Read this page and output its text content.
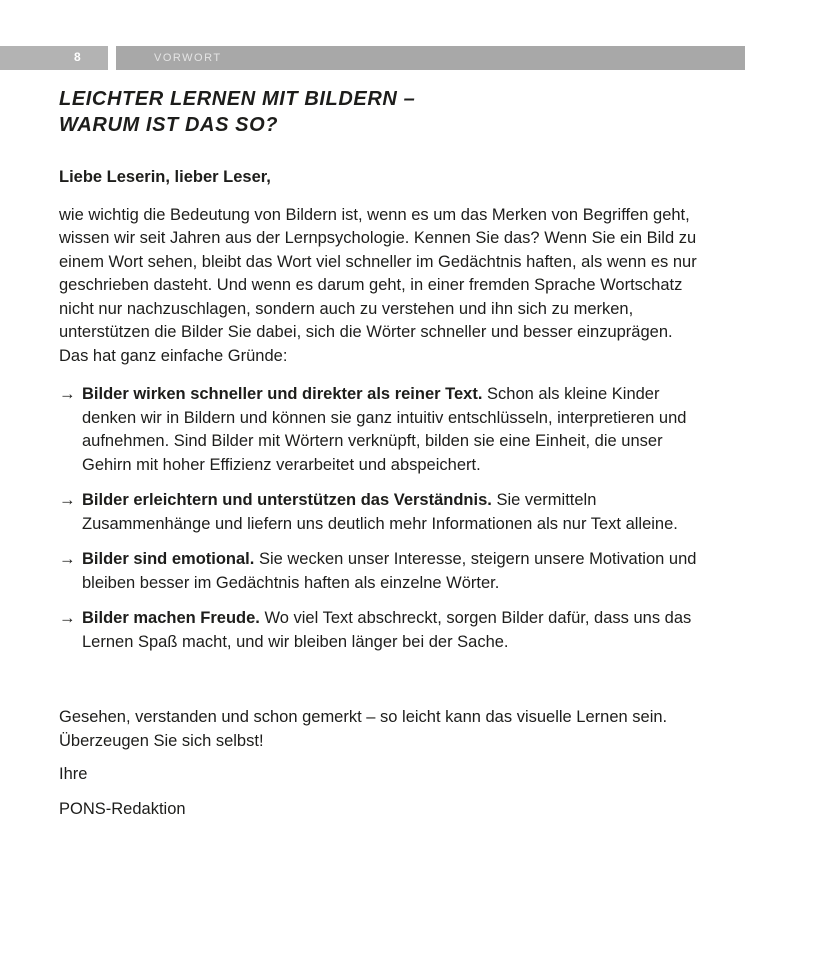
8	VORWORT
LEICHTER LERNEN MIT BILDERN –
WARUM IST DAS SO?

Liebe Leserin, lieber Leser,

wie wichtig die Bedeutung von Bildern ist, wenn es um das Merken von Begriffen geht, wissen wir seit Jahren aus der Lernpsychologie. Kennen Sie das? Wenn Sie ein Bild zu einem Wort sehen, bleibt das Wort viel schneller im Gedächtnis haften, als wenn es nur geschrieben dasteht. Und wenn es darum geht, in einer fremden Sprache Wortschatz nicht nur nachzuschlagen, sondern auch zu verstehen und ihn sich zu merken, unterstützen die Bilder Sie dabei, sich die Wörter schneller und besser einzuprägen. Das hat ganz einfache Gründe:

→ Bilder wirken schneller und direkter als reiner Text. Schon als kleine Kinder denken wir in Bildern und können sie ganz intuitiv entschlüsseln, interpretieren und aufnehmen. Sind Bilder mit Wörtern verknüpft, bilden sie eine Einheit, die unser Gehirn mit hoher Effizienz verarbeitet und abspeichert.
→ Bilder erleichtern und unterstützen das Verständnis. Sie vermitteln Zusammenhänge und liefern uns deutlich mehr Informationen als nur Text alleine.
→ Bilder sind emotional. Sie wecken unser Interesse, steigern unsere Motivation und bleiben besser im Gedächtnis haften als einzelne Wörter.
→ Bilder machen Freude. Wo viel Text abschreckt, sorgen Bilder dafür, dass uns das Lernen Spaß macht, und wir bleiben länger bei der Sache.

Gesehen, verstanden und schon gemerkt – so leicht kann das visuelle Lernen sein. Überzeugen Sie sich selbst!

Ihre

PONS-Redaktion
